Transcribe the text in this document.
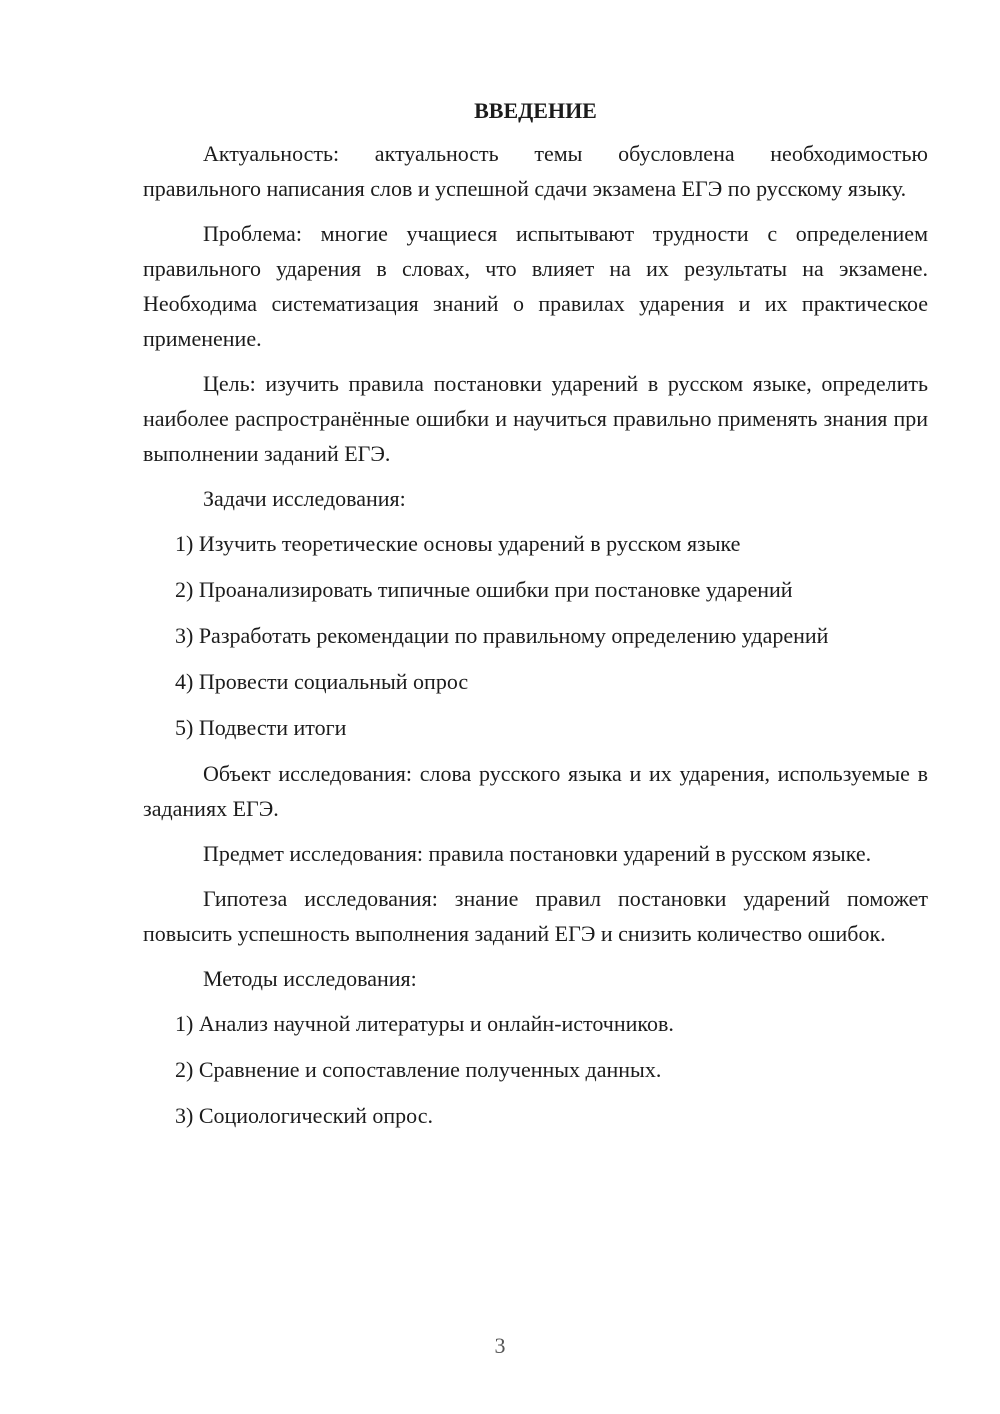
ВВЕДЕНИЕ

Актуальность: актуальность темы обусловлена необходимостью правильного написания слов и успешной сдачи экзамена ЕГЭ по русскому языку.

Проблема: многие учащиеся испытывают трудности с определением правильного ударения в словах, что влияет на их результаты на экзамене. Необходима систематизация знаний о правилах ударения и их практическое применение.

Цель: изучить правила постановки ударений в русском языке, определить наиболее распространённые ошибки и научиться правильно применять знания при выполнении заданий ЕГЭ.

Задачи исследования:

1) Изучить теоретические основы ударений в русском языке
2) Проанализировать типичные ошибки при постановке ударений
3) Разработать рекомендации по правильному определению ударений
4) Провести социальный опрос
5) Подвести итоги

Объект исследования: слова русского языка и их ударения, используемые в заданиях ЕГЭ.

Предмет исследования: правила постановки ударений в русском языке.

Гипотеза исследования: знание правил постановки ударений поможет повысить успешность выполнения заданий ЕГЭ и снизить количество ошибок.

Методы исследования:

1) Анализ научной литературы и онлайн-источников.
2) Сравнение и сопоставление полученных данных.
3) Социологический опрос.
3
